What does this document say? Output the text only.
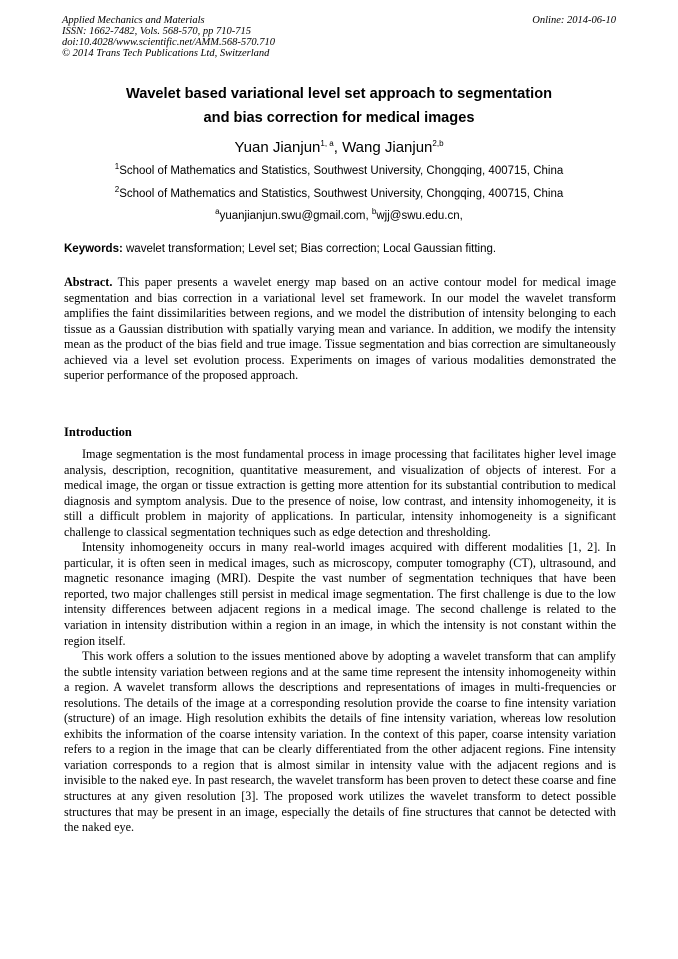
Applied Mechanics and Materials
ISSN: 1662-7482, Vols. 568-570, pp 710-715
doi:10.4028/www.scientific.net/AMM.568-570.710
© 2014 Trans Tech Publications Ltd, Switzerland
Online: 2014-06-10
Wavelet based variational level set approach to segmentation
and bias correction for medical images
Yuan Jianjun$^{1, a}$, Wang Jianjun$^{2,b}$
$^1$School of Mathematics and Statistics, Southwest University, Chongqing, 400715, China
$^2$School of Mathematics and Statistics, Southwest University, Chongqing, 400715, China
$^a$yuanjianjun.swu@gmail.com, $^b$wjj@swu.edu.cn,
Keywords: wavelet transformation; Level set; Bias correction; Local Gaussian fitting.
Abstract. This paper presents a wavelet energy map based on an active contour model for medical image segmentation and bias correction in a variational level set framework. In our model the wavelet transform amplifies the faint dissimilarities between regions, and we model the distribution of intensity belonging to each tissue as a Gaussian distribution with spatially varying mean and variance. In addition, we modify the intensity mean as the product of the bias field and true image. Tissue segmentation and bias correction are simultaneously achieved via a level set evolution process. Experiments on images of various modalities demonstrated the superior performance of the proposed approach.
Introduction

Image segmentation is the most fundamental process in image processing that facilitates higher level image analysis, description, recognition, quantitative measurement, and visualization of objects of interest. For a medical image, the organ or tissue extraction is getting more attention for its substantial contribution to medical diagnosis and symptom analysis. Due to the presence of noise, low contrast, and intensity inhomogeneity, it is still a difficult problem in majority of applications. In particular, intensity inhomogeneity is a significant challenge to classical segmentation techniques such as edge detection and thresholding.

Intensity inhomogeneity occurs in many real-world images acquired with different modalities [1, 2]. In particular, it is often seen in medical images, such as microscopy, computer tomography (CT), ultrasound, and magnetic resonance imaging (MRI). Despite the vast number of segmentation techniques that have been reported, two major challenges still persist in medical image segmentation. The first challenge is due to the low intensity differences between adjacent regions in a medical image. The second challenge is related to the variation in intensity distribution within a region in an image, in which the intensity is not constant within the region itself.

This work offers a solution to the issues mentioned above by adopting a wavelet transform that can amplify the subtle intensity variation between regions and at the same time represent the intensity inhomogeneity within a region. A wavelet transform allows the descriptions and representations of images in multi-frequencies or resolutions. The details of the image at a corresponding resolution provide the coarse to fine intensity variation (structure) of an image. High resolution exhibits the details of fine intensity variation, whereas low resolution exhibits the information of the coarse intensity variation. In the context of this paper, coarse intensity variation refers to a region in the image that can be clearly differentiated from the other adjacent regions. Fine intensity variation corresponds to a region that is almost similar in intensity value with the adjacent regions and is invisible to the naked eye. In past research, the wavelet transform has been proven to detect these coarse and fine structures at any given resolution [3]. The proposed work utilizes the wavelet transform to detect possible structures that may be present in an image, especially the details of fine structures that cannot be detected with the naked eye.
